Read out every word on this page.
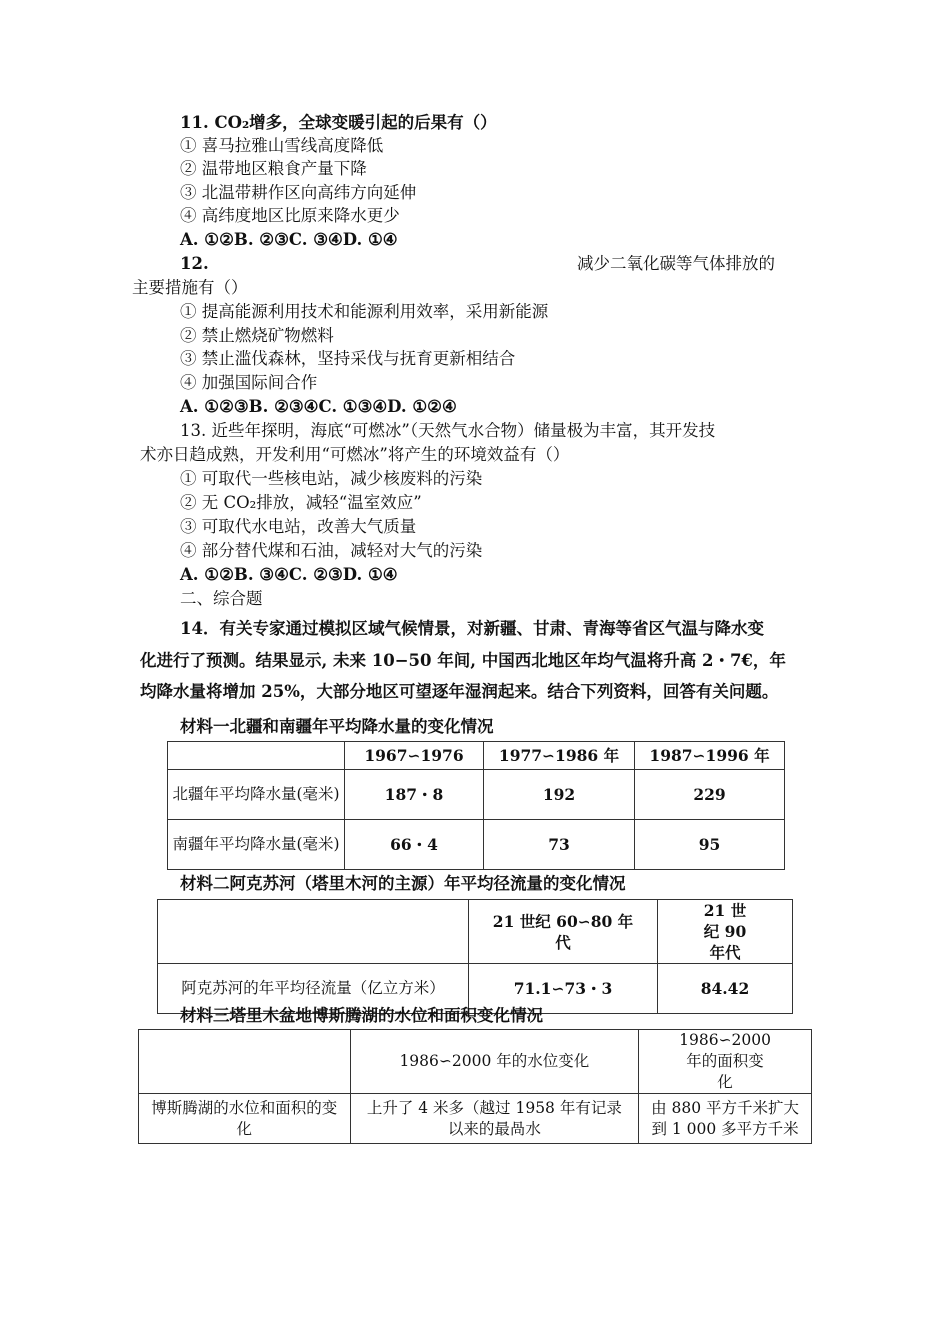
11. CO₂增多，全球变暖引起的后果有（）
① 喜马拉雅山雪线高度降低
② 温带地区粮食产量下降
③ 北温带耕作区向高纬方向延伸
④ 高纬度地区比原来降水更少
A. ①②B. ②③C. ③④D. ①④
12.	减少二氧化碳等气体排放的
主要措施有（）
① 提高能源利用技术和能源利用效率，采用新能源
② 禁止燃烧矿物燃料
③ 禁止滥伐森林，坚持采伐与抚育更新相结合
④ 加强国际间合作
A. ①②③B. ②③④C. ①③④D. ①②④
13. 近些年探明，海底“可燃冰”（天然气水合物）储量极为丰富，其开发技
术亦日趋成熟，开发利用“可燃冰”将产生的环境效益有（）
① 可取代一些核电站，减少核废料的污染
② 无 CO₂排放，减轻“温室效应”
③ 可取代水电站，改善大气质量
④ 部分替代煤和石油，减轻对大气的污染
A. ①②B. ③④C. ②③D. ①④
二、综合题
14．有关专家通过模拟区域气候情景，对新疆、甘肃、青海等省区气温与降水变
化进行了预测。结果显示, 未来 10−50 年间, 中国西北地区年均气温将升高 2・7€，年
均降水量将增加 25%，大部分地区可望逐年湿润起来。结合下列资料，回答有关问题。
材料一北疆和南疆年平均降水量的变化情况
	1967∽1976	1977∽1986 年	1987∽1996 年
北疆年平均降水量(毫米)	187・8	192	229
南疆年平均降水量(毫米)	66・4	73	95
材料二阿克苏河（塔里木河的主源）年平均径流量的变化情况
	21 世纪 60∽80 年代	21 世纪 90 年代
阿克苏河的年平均径流量（亿立方米）	71.1∽73・3	84.42
材料三塔里木盆地博斯腾湖的水位和面积变化情况
	1986∽2000 年的水位变化	1986∽2000 年的面积变化
博斯腾湖的水位和面积的变化	上升了 4 米多（越过 1958 年有记录以来的最咼水	由 880 平方千米扩大到 1 000 多平方千米
